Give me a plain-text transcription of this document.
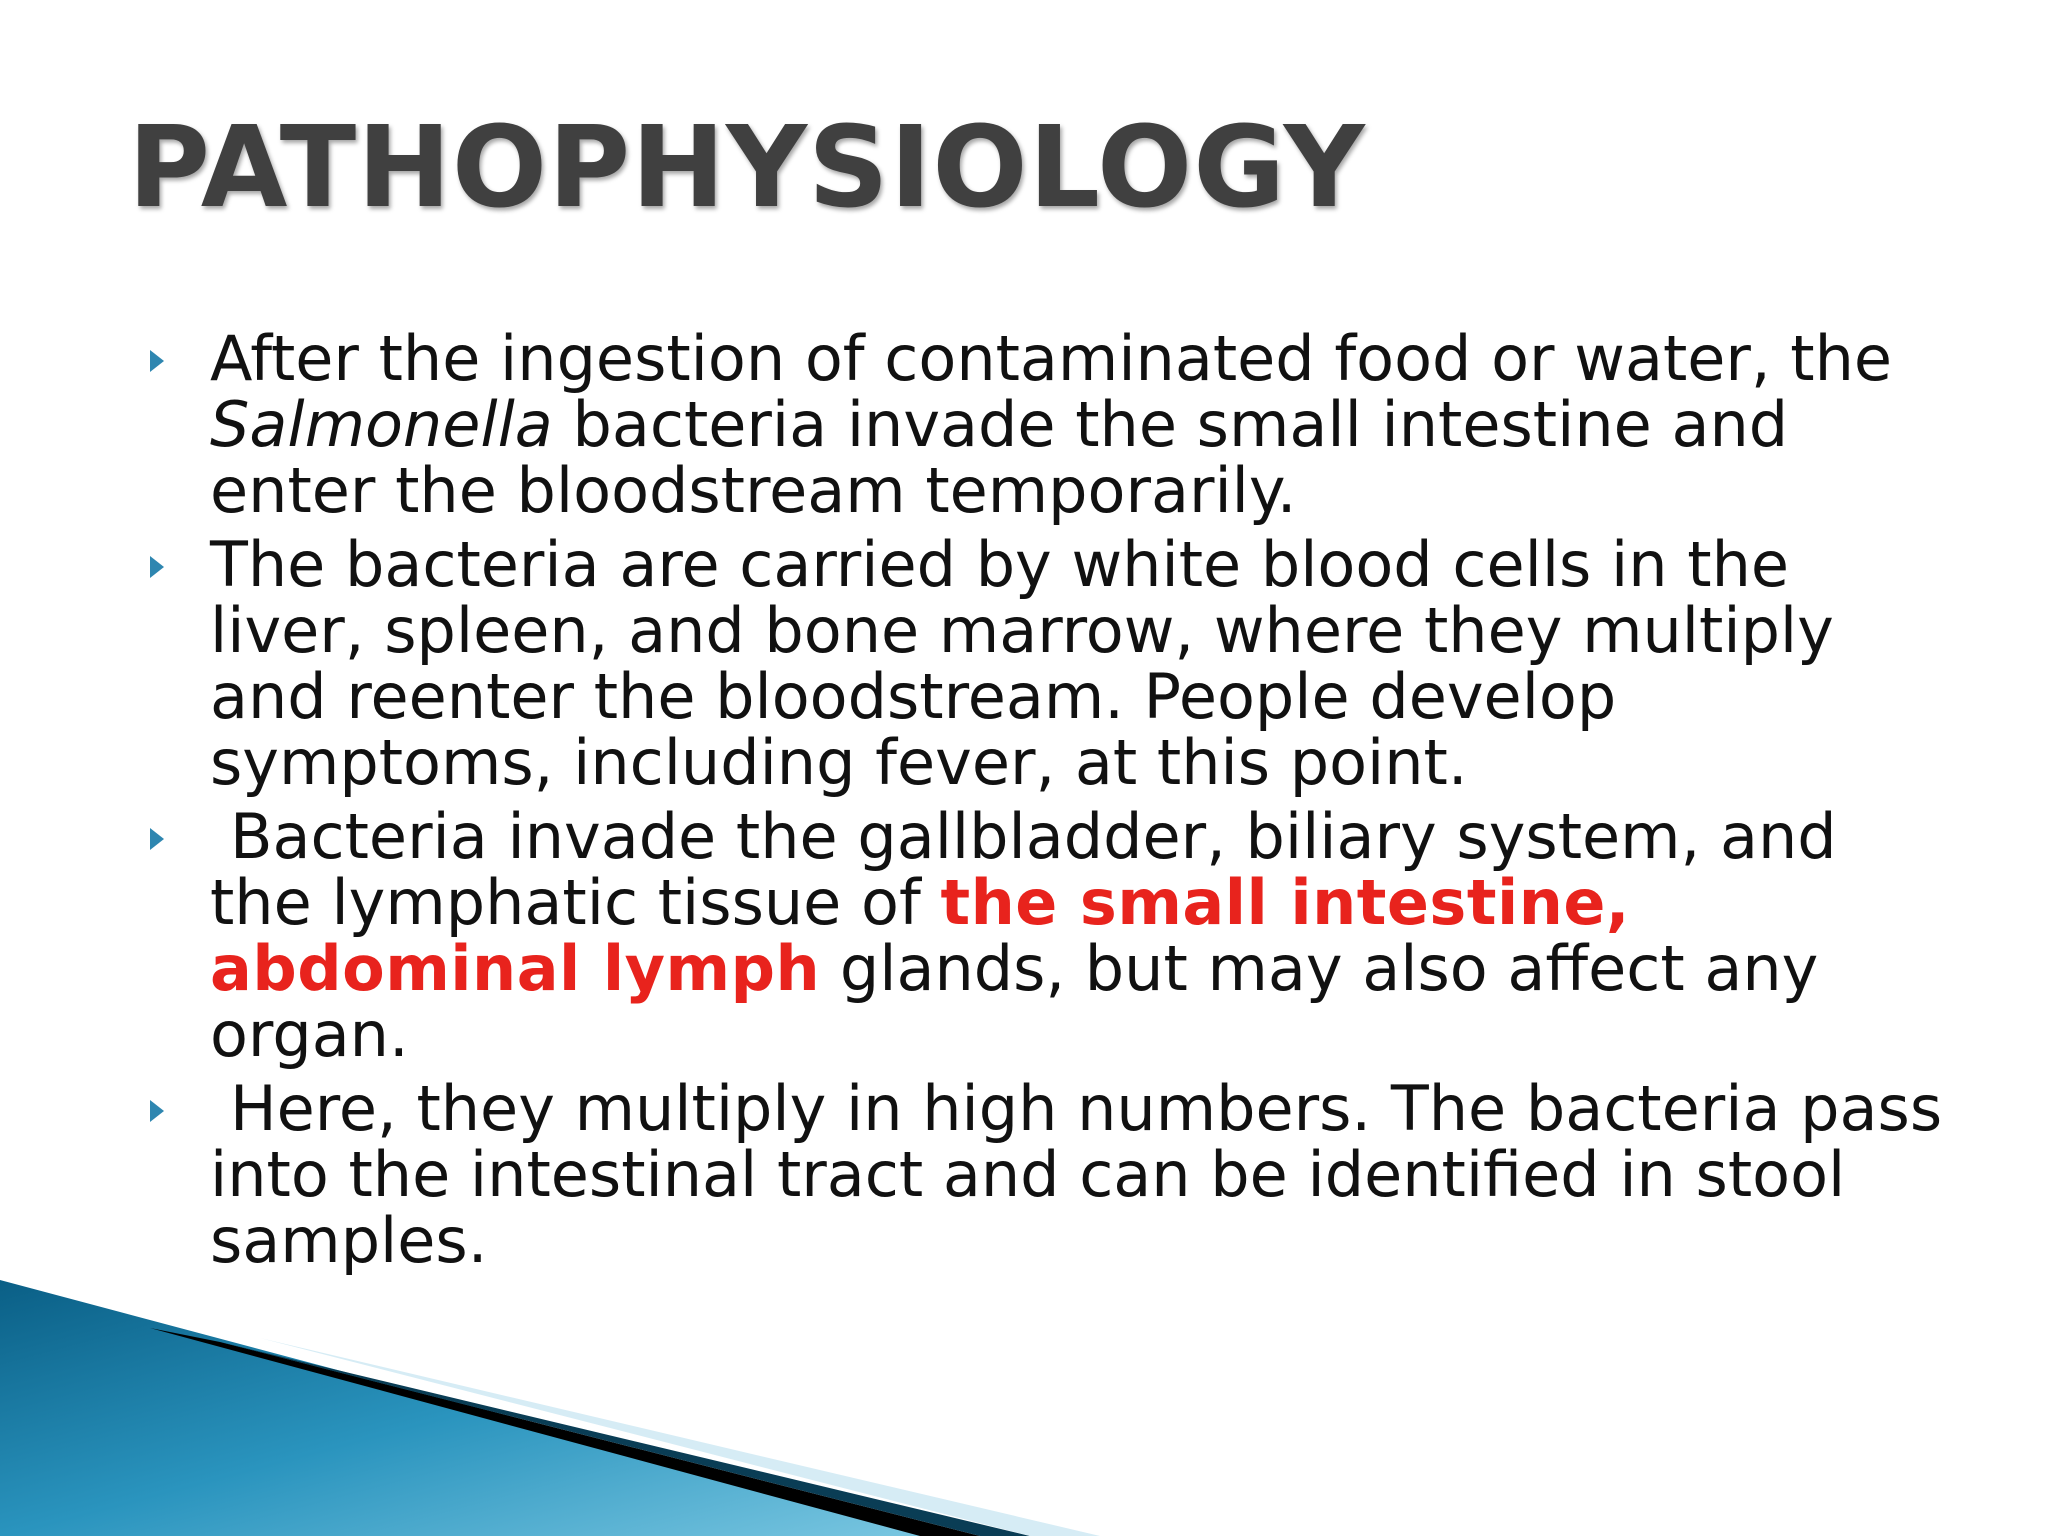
PATHOPHYSIOLOGY
After the ingestion of contaminated food or water, the Salmonella bacteria invade the small intestine and enter the bloodstream temporarily.
The bacteria are carried by white blood cells in the liver, spleen, and bone marrow, where they multiply and reenter the bloodstream. People develop symptoms, including fever, at this point.
Bacteria invade the gallbladder, biliary system, and the lymphatic tissue of the small intestine, abdominal lymph glands, but may also affect any organ.
Here, they multiply in high numbers. The bacteria pass into the intestinal tract and can be identified in stool samples.
